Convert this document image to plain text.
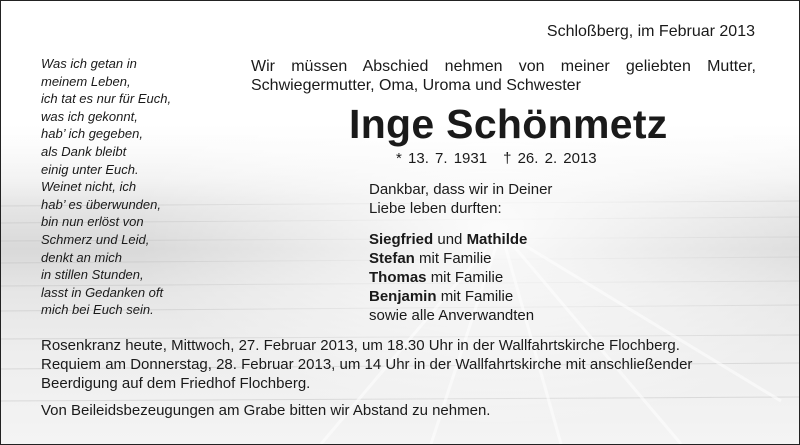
Schloßberg, im Februar 2013
Was ich getan in
meinem Leben,
ich tat es nur für Euch,
was ich gekonnt,
hab’ ich gegeben,
als Dank bleibt
einig unter Euch.
Weinet nicht, ich
hab’ es überwunden,
bin nun erlöst von
Schmerz und Leid,
denkt an mich
in stillen Stunden,
lasst in Gedanken oft
mich bei Euch sein.
Wir müssen Abschied nehmen von meiner geliebten Mutter,
Schwiegermutter, Oma, Uroma und Schwester
Inge Schönmetz
* 13. 7. 1931 † 26. 2. 2013
Dankbar, dass wir in Deiner
Liebe leben durften:
Siegfried und Mathilde
Stefan mit Familie
Thomas mit Familie
Benjamin mit Familie
sowie alle Anverwandten

Rosenkranz heute, Mittwoch, 27. Februar 2013, um 18.30 Uhr in der Wallfahrtskirche Flochberg.

Requiem am Donnerstag, 28. Februar 2013, um 14 Uhr in der Wallfahrtskirche mit anschließender Beerdigung auf dem Friedhof Flochberg.

Von Beileidsbezeugungen am Grabe bitten wir Abstand zu nehmen.
